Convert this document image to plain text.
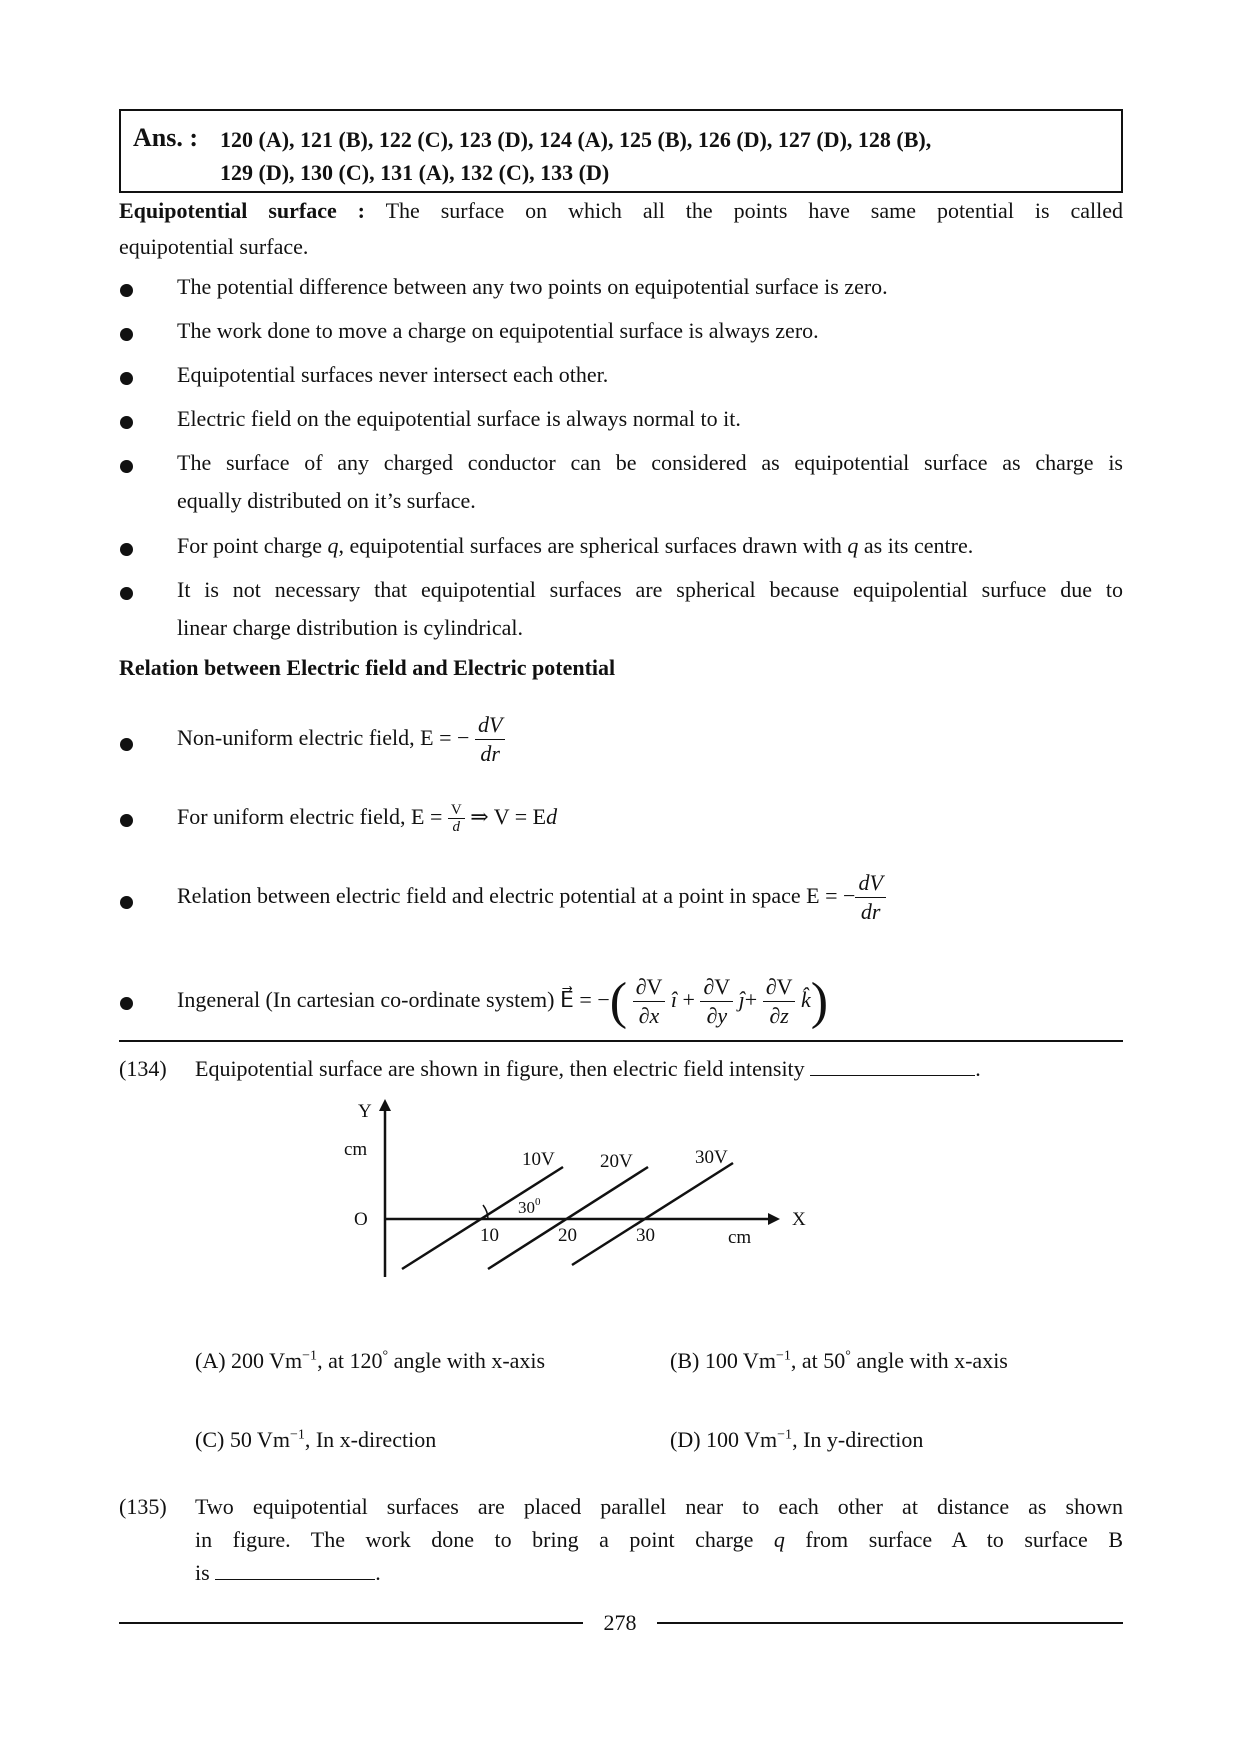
Ans. : 120 (A), 121 (B), 122 (C), 123 (D), 124 (A), 125 (B), 126 (D), 127 (D), 128 (B),
129 (D), 130 (C), 131 (A), 132 (C), 133 (D)
Equipotential surface : The surface on which all the points have same potential is called
equipotential surface.
The potential difference between any two points on equipotential surface is zero.
The work done to move a charge on equipotential surface is always zero.
Equipotential surfaces never intersect each other.
Electric field on the equipotential surface is always normal to it.
The surface of any charged conductor can be considered as equipotential surface as charge is
equally distributed on it’s surface.
For point charge q, equipotential surfaces are spherical surfaces drawn with q as its centre.
It is not necessary that equipotential surfaces are spherical because equipolential surfuce due to
linear charge distribution is cylindrical.
Relation between Electric field and Electric potential
Non-uniform electric field, E = − $\frac{dV}{dr}$
For uniform electric field, $E = \frac{V}{d}$ ⇒ V = Ed
Relation between electric field and electric potential at a point in space E = − $\frac{dV}{dr}$
Ingeneral (In cartesian co-ordinate system) E⃗ = −( $\frac{\partial V}{\partial x}$ î + $\frac{\partial V}{\partial y}$ ĵ+ $\frac{\partial V}{\partial z}$ k̂)
(134) Equipotential surface are shown in figure, then electric field intensity	.
Y
cm
O	X
cm
10	20	30
10V 20V	30V
$30^0$
(A) 200 $Vm^{-1}$, at 120° angle with x-axis	(B) 100 $Vm^{-1}$, at 50° angle with x-axis
(C) 50 $Vm^{-1}$, In x-direction	(D) 100 $Vm^{-1}$, In y-direction
(135) Two equipotential surfaces are placed parallel near to each other at distance as shown
in figure. The work done to bring a point charge q from surface A to surface B
is	.
278
